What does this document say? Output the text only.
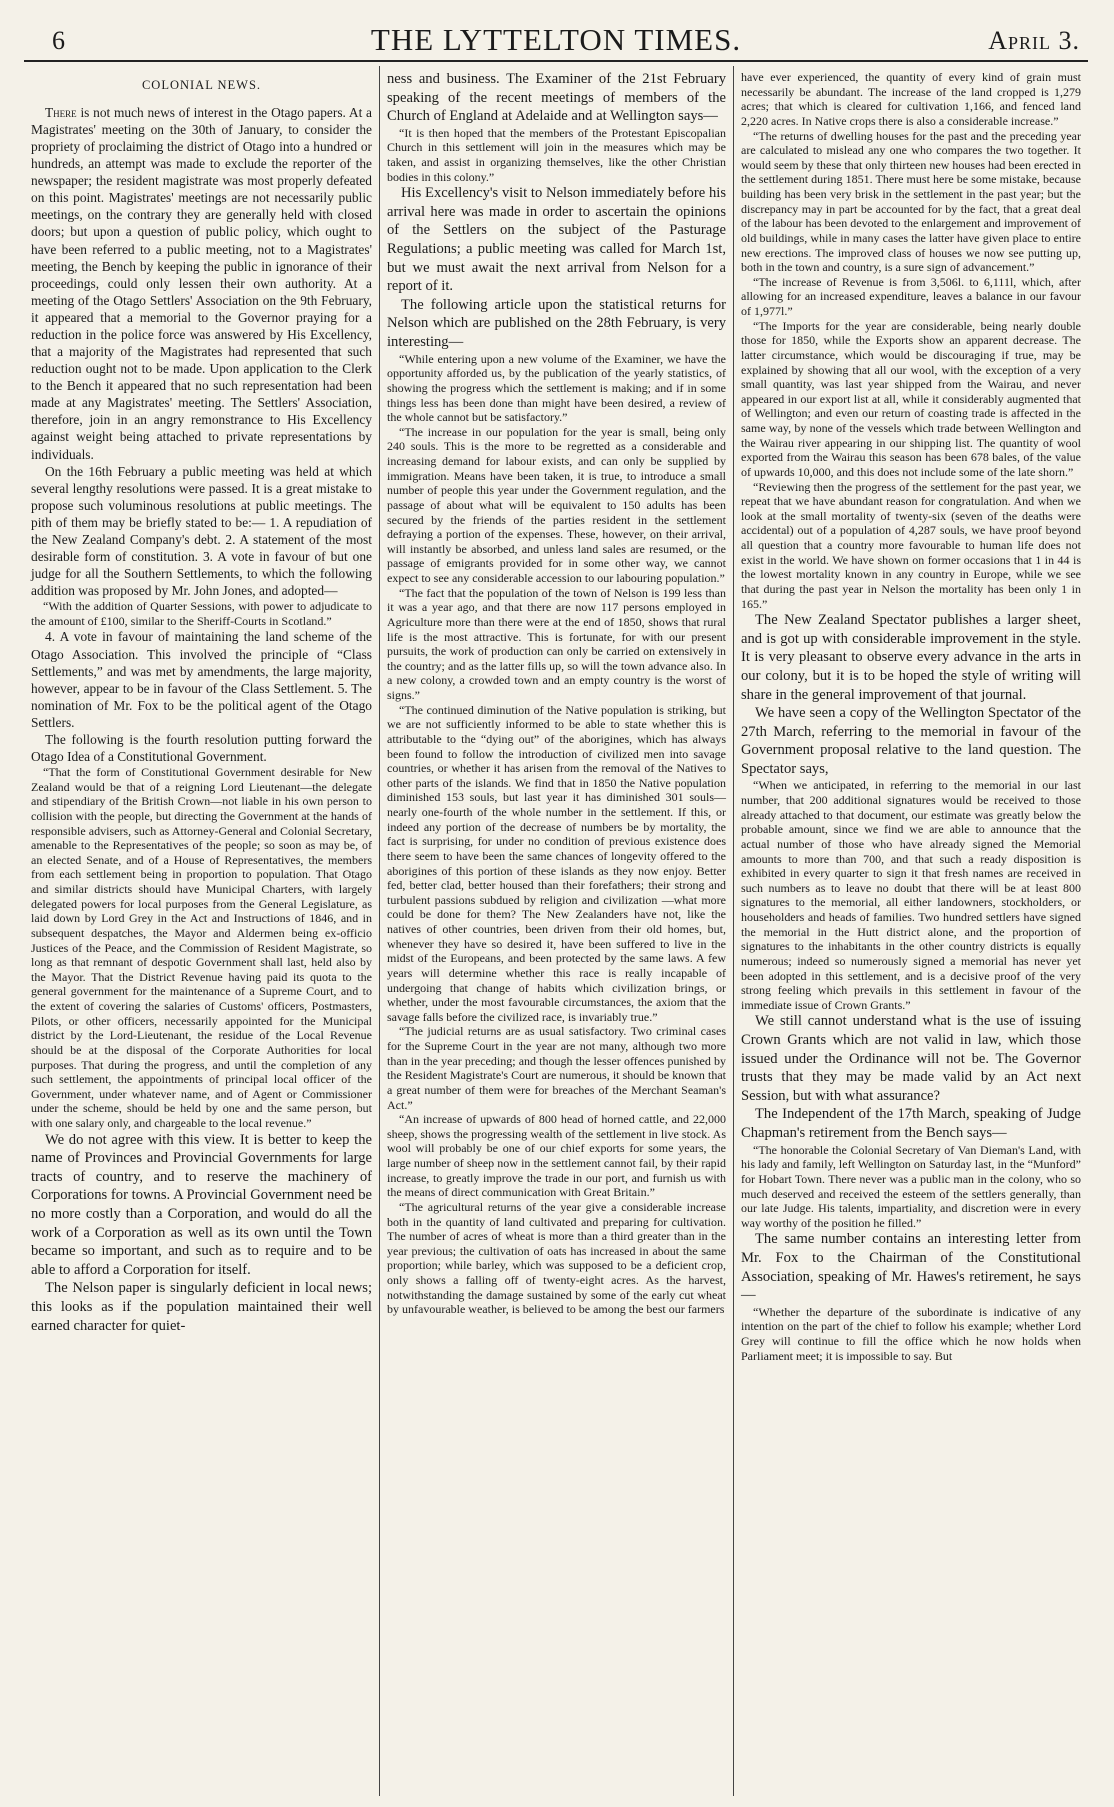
6	THE LYTTELTON TIMES.	April 3.
COLONIAL NEWS.

There is not much news of interest in the Otago papers. At a Magistrates' meeting on the 30th of January, to consider the propriety of proclaiming the district of Otago into a hundred or hundreds, an attempt was made to exclude the reporter of the newspaper; the resident magistrate was most properly defeated on this point. Magistrates' meetings are not necessarily public meetings, on the contrary they are generally held with closed doors; but upon a question of public policy, which ought to have been referred to a public meeting, not to a Magistrates' meeting, the Bench by keeping the public in ignorance of their proceedings, could only lessen their own authority. At a meeting of the Otago Settlers' Association on the 9th February, it appeared that a memorial to the Governor praying for a reduction in the police force was answered by His Excellency, that a majority of the Magistrates had represented that such reduction ought not to be made. Upon application to the Clerk to the Bench it appeared that no such representation had been made at any Magistrates' meeting. The Settlers' Association, therefore, join in an angry remonstrance to His Excellency against weight being attached to private representations by individuals.

On the 16th February a public meeting was held at which several lengthy resolutions were passed. It is a great mistake to propose such voluminous resolutions at public meetings. The pith of them may be briefly stated to be:— 1. A repudiation of the New Zealand Company's debt. 2. A statement of the most desirable form of constitution. 3. A vote in favour of but one judge for all the Southern Settlements, to which the following addition was proposed by Mr. John Jones, and adopted—

“With the addition of Quarter Sessions, with power to adjudicate to the amount of £100, similar to the Sheriff-Courts in Scotland.”

4. A vote in favour of maintaining the land scheme of the Otago Association. This involved the principle of “Class Settlements,” and was met by amendments, the large majority, however, appear to be in favour of the Class Settlement. 5. The nomination of Mr. Fox to be the political agent of the Otago Settlers.

The following is the fourth resolution putting forward the Otago Idea of a Constitutional Government.

“That the form of Constitutional Government desirable for New Zealand would be that of a reigning Lord Lieutenant—the delegate and stipendiary of the British Crown—not liable in his own person to collision with the people, but directing the Government at the hands of responsible advisers, such as Attorney-General and Colonial Secretary, amenable to the Representatives of the people; so soon as may be, of an elected Senate, and of a House of Representatives, the members from each settlement being in proportion to population. That Otago and similar districts should have Municipal Charters, with largely delegated powers for local purposes from the General Legislature, as laid down by Lord Grey in the Act and Instructions of 1846, and in subsequent despatches, the Mayor and Aldermen being ex-officio Justices of the Peace, and the Commission of Resident Magistrate, so long as that remnant of despotic Government shall last, held also by the Mayor. That the District Revenue having paid its quota to the general government for the maintenance of a Supreme Court, and to the extent of covering the salaries of Customs' officers, Postmasters, Pilots, or other officers, necessarily appointed for the Municipal district by the Lord-Lieutenant, the residue of the Local Revenue should be at the disposal of the Corporate Authorities for local purposes. That during the progress, and until the completion of any such settlement, the appointments of principal local officer of the Government, under whatever name, and of Agent or Commissioner under the scheme, should be held by one and the same person, but with one salary only, and chargeable to the local revenue.”

We do not agree with this view. It is better to keep the name of Provinces and Provincial Governments for large tracts of country, and to reserve the machinery of Corporations for towns. A Provincial Government need be no more costly than a Corporation, and would do all the work of a Corporation as well as its own until the Town became so important, and such as to require and to be able to afford a Corporation for itself.

The Nelson paper is singularly deficient in local news; this looks as if the population maintained their well earned character for quiet-

ness and business. The Examiner of the 21st February speaking of the recent meetings of members of the Church of England at Adelaide and at Wellington says—

“It is then hoped that the members of the Protestant Episcopalian Church in this settlement will join in the measures which may be taken, and assist in organizing themselves, like the other Christian bodies in this colony.”

His Excellency's visit to Nelson immediately before his arrival here was made in order to ascertain the opinions of the Settlers on the subject of the Pasturage Regulations; a public meeting was called for March 1st, but we must await the next arrival from Nelson for a report of it.

The following article upon the statistical returns for Nelson which are published on the 28th February, is very interesting—

“While entering upon a new volume of the Examiner, we have the opportunity afforded us, by the publication of the yearly statistics, of showing the progress which the settlement is making; and if in some things less has been done than might have been desired, a review of the whole cannot but be satisfactory.”

“The increase in our population for the year is small, being only 240 souls. This is the more to be regretted as a considerable and increasing demand for labour exists, and can only be supplied by immigration. Means have been taken, it is true, to introduce a small number of people this year under the Government regulation, and the passage of about what will be equivalent to 150 adults has been secured by the friends of the parties resident in the settlement defraying a portion of the expenses. These, however, on their arrival, will instantly be absorbed, and unless land sales are resumed, or the passage of emigrants provided for in some other way, we cannot expect to see any considerable accession to our labouring population.”

“The fact that the population of the town of Nelson is 199 less than it was a year ago, and that there are now 117 persons employed in Agriculture more than there were at the end of 1850, shows that rural life is the most attractive. This is fortunate, for with our present pursuits, the work of production can only be carried on extensively in the country; and as the latter fills up, so will the town advance also. In a new colony, a crowded town and an empty country is the worst of signs.”

“The continued diminution of the Native population is striking, but we are not sufficiently informed to be able to state whether this is attributable to the “dying out” of the aborigines, which has always been found to follow the introduction of civilized men into savage countries, or whether it has arisen from the removal of the Natives to other parts of the islands. We find that in 1850 the Native population diminished 153 souls, but last year it has diminished 301 souls—nearly one-fourth of the whole number in the settlement. If this, or indeed any portion of the decrease of numbers be by mortality, the fact is surprising, for under no condition of previous existence does there seem to have been the same chances of longevity offered to the aborigines of this portion of these islands as they now enjoy. Better fed, better clad, better housed than their forefathers; their strong and turbulent passions subdued by religion and civilization —what more could be done for them? The New Zealanders have not, like the natives of other countries, been driven from their old homes, but, whenever they have so desired it, have been suffered to live in the midst of the Europeans, and been protected by the same laws. A few years will determine whether this race is really incapable of undergoing that change of habits which civilization brings, or whether, under the most favourable circumstances, the axiom that the savage falls before the civilized race, is invariably true.”

“The judicial returns are as usual satisfactory. Two criminal cases for the Supreme Court in the year are not many, although two more than in the year preceding; and though the lesser offences punished by the Resident Magistrate's Court are numerous, it should be known that a great number of them were for breaches of the Merchant Seaman's Act.”

“An increase of upwards of 800 head of horned cattle, and 22,000 sheep, shows the progressing wealth of the settlement in live stock. As wool will probably be one of our chief exports for some years, the large number of sheep now in the settlement cannot fail, by their rapid increase, to greatly improve the trade in our port, and furnish us with the means of direct communication with Great Britain.”

“The agricultural returns of the year give a considerable increase both in the quantity of land cultivated and preparing for cultivation. The number of acres of wheat is more than a third greater than in the year previous; the cultivation of oats has increased in about the same proportion; while barley, which was supposed to be a deficient crop, only shows a falling off of twenty-eight acres. As the harvest, notwithstanding the damage sustained by some of the early cut wheat by unfavourable weather, is believed to be among the best our farmers

have ever experienced, the quantity of every kind of grain must necessarily be abundant. The increase of the land cropped is 1,279 acres; that which is cleared for cultivation 1,166, and fenced land 2,220 acres. In Native crops there is also a considerable increase.”

“The returns of dwelling houses for the past and the preceding year are calculated to mislead any one who compares the two together. It would seem by these that only thirteen new houses had been erected in the settlement during 1851. There must here be some mistake, because building has been very brisk in the settlement in the past year; but the discrepancy may in part be accounted for by the fact, that a great deal of the labour has been devoted to the enlargement and improvement of old buildings, while in many cases the latter have given place to entire new erections. The improved class of houses we now see putting up, both in the town and country, is a sure sign of advancement.”

“The increase of Revenue is from 3,506l. to 6,111l, which, after allowing for an increased expenditure, leaves a balance in our favour of 1,977l.”

“The Imports for the year are considerable, being nearly double those for 1850, while the Exports show an apparent decrease. The latter circumstance, which would be discouraging if true, may be explained by showing that all our wool, with the exception of a very small quantity, was last year shipped from the Wairau, and never appeared in our export list at all, while it considerably augmented that of Wellington; and even our return of coasting trade is affected in the same way, by none of the vessels which trade between Wellington and the Wairau river appearing in our shipping list. The quantity of wool exported from the Wairau this season has been 678 bales, of the value of upwards 10,000, and this does not include some of the late shorn.”

“Reviewing then the progress of the settlement for the past year, we repeat that we have abundant reason for congratulation. And when we look at the small mortality of twenty-six (seven of the deaths were accidental) out of a population of 4,287 souls, we have proof beyond all question that a country more favourable to human life does not exist in the world. We have shown on former occasions that 1 in 44 is the lowest mortality known in any country in Europe, while we see that during the past year in Nelson the mortality has been only 1 in 165.”

The New Zealand Spectator publishes a larger sheet, and is got up with considerable improvement in the style. It is very pleasant to observe every advance in the arts in our colony, but it is to be hoped the style of writing will share in the general improvement of that journal.

We have seen a copy of the Wellington Spectator of the 27th March, referring to the memorial in favour of the Government proposal relative to the land question. The Spectator says,

“When we anticipated, in referring to the memorial in our last number, that 200 additional signatures would be received to those already attached to that document, our estimate was greatly below the probable amount, since we find we are able to announce that the actual number of those who have already signed the Memorial amounts to more than 700, and that such a ready disposition is exhibited in every quarter to sign it that fresh names are received in such numbers as to leave no doubt that there will be at least 800 signatures to the memorial, all either landowners, stockholders, or householders and heads of families. Two hundred settlers have signed the memorial in the Hutt district alone, and the proportion of signatures to the inhabitants in the other country districts is equally numerous; indeed so numerously signed a memorial has never yet been adopted in this settlement, and is a decisive proof of the very strong feeling which prevails in this settlement in favour of the immediate issue of Crown Grants.”

We still cannot understand what is the use of issuing Crown Grants which are not valid in law, which those issued under the Ordinance will not be. The Governor trusts that they may be made valid by an Act next Session, but with what assurance?

The Independent of the 17th March, speaking of Judge Chapman's retirement from the Bench says—

“The honorable the Colonial Secretary of Van Dieman's Land, with his lady and family, left Wellington on Saturday last, in the “Munford” for Hobart Town. There never was a public man in the colony, who so much deserved and received the esteem of the settlers generally, than our late Judge. His talents, impartiality, and discretion were in every way worthy of the position he filled.”

The same number contains an interesting letter from Mr. Fox to the Chairman of the Constitutional Association, speaking of Mr. Hawes's retirement, he says—

“Whether the departure of the subordinate is indicative of any intention on the part of the chief to follow his example; whether Lord Grey will continue to fill the office which he now holds when Parliament meet; it is impossible to say. But
